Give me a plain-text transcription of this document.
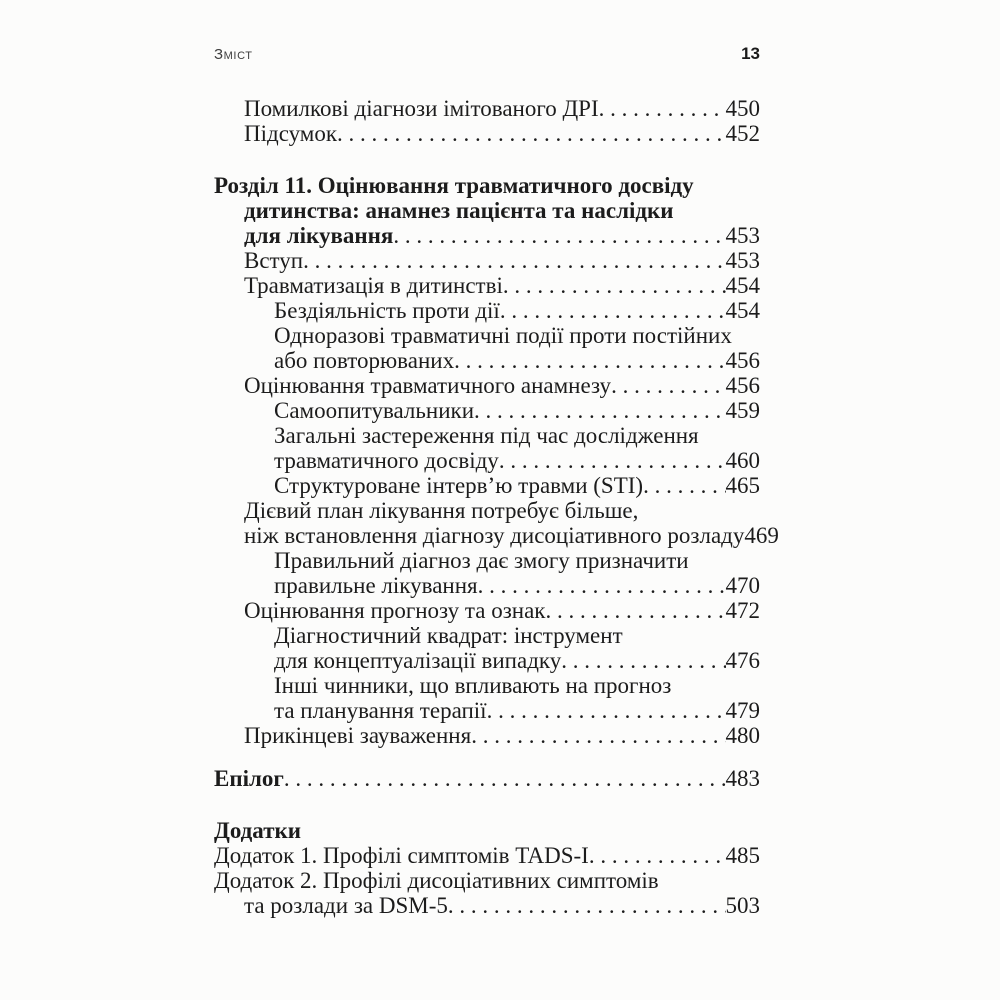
Зміст	13
Помилкові діагнози імітованого ДРІ . . .	450
Підсумок . . .	452
Розділ 11. Оцінювання травматичного досвіду
дитинства: анамнез пацієнта та наслідки
для лікування . . .	453
Вступ . . .	453
Травматизація в дитинстві . . .	454
Бездіяльність проти дії . . .	454
Одноразові травматичні події проти постійних
або повторюваних . . .	456
Оцінювання травматичного анамнезу . . .	456
Самоопитувальники . . .	459
Загальні застереження під час дослідження
травматичного досвіду . . .	460
Структуроване інтерв’ю травми (STI) . . .	465
Дієвий план лікування потребує більше,
ніж встановлення діагнозу дисоціативного розладу 469
Правильний діагноз дає змогу призначити
правильне лікування . . .	470
Оцінювання прогнозу та ознак . . .	472
Діагностичний квадрат: інструмент
для концептуалізації випадку . . .	476
Інші чинники, що впливають на прогноз
та планування терапії . . .	479
Прикінцеві зауваження . . .	480
Епілог . . .	483
Додатки
Додаток 1. Профілі симптомів TADS-I . . .	485
Додаток 2. Профілі дисоціативних симптомів
та розлади за DSM-5 . . .	503
